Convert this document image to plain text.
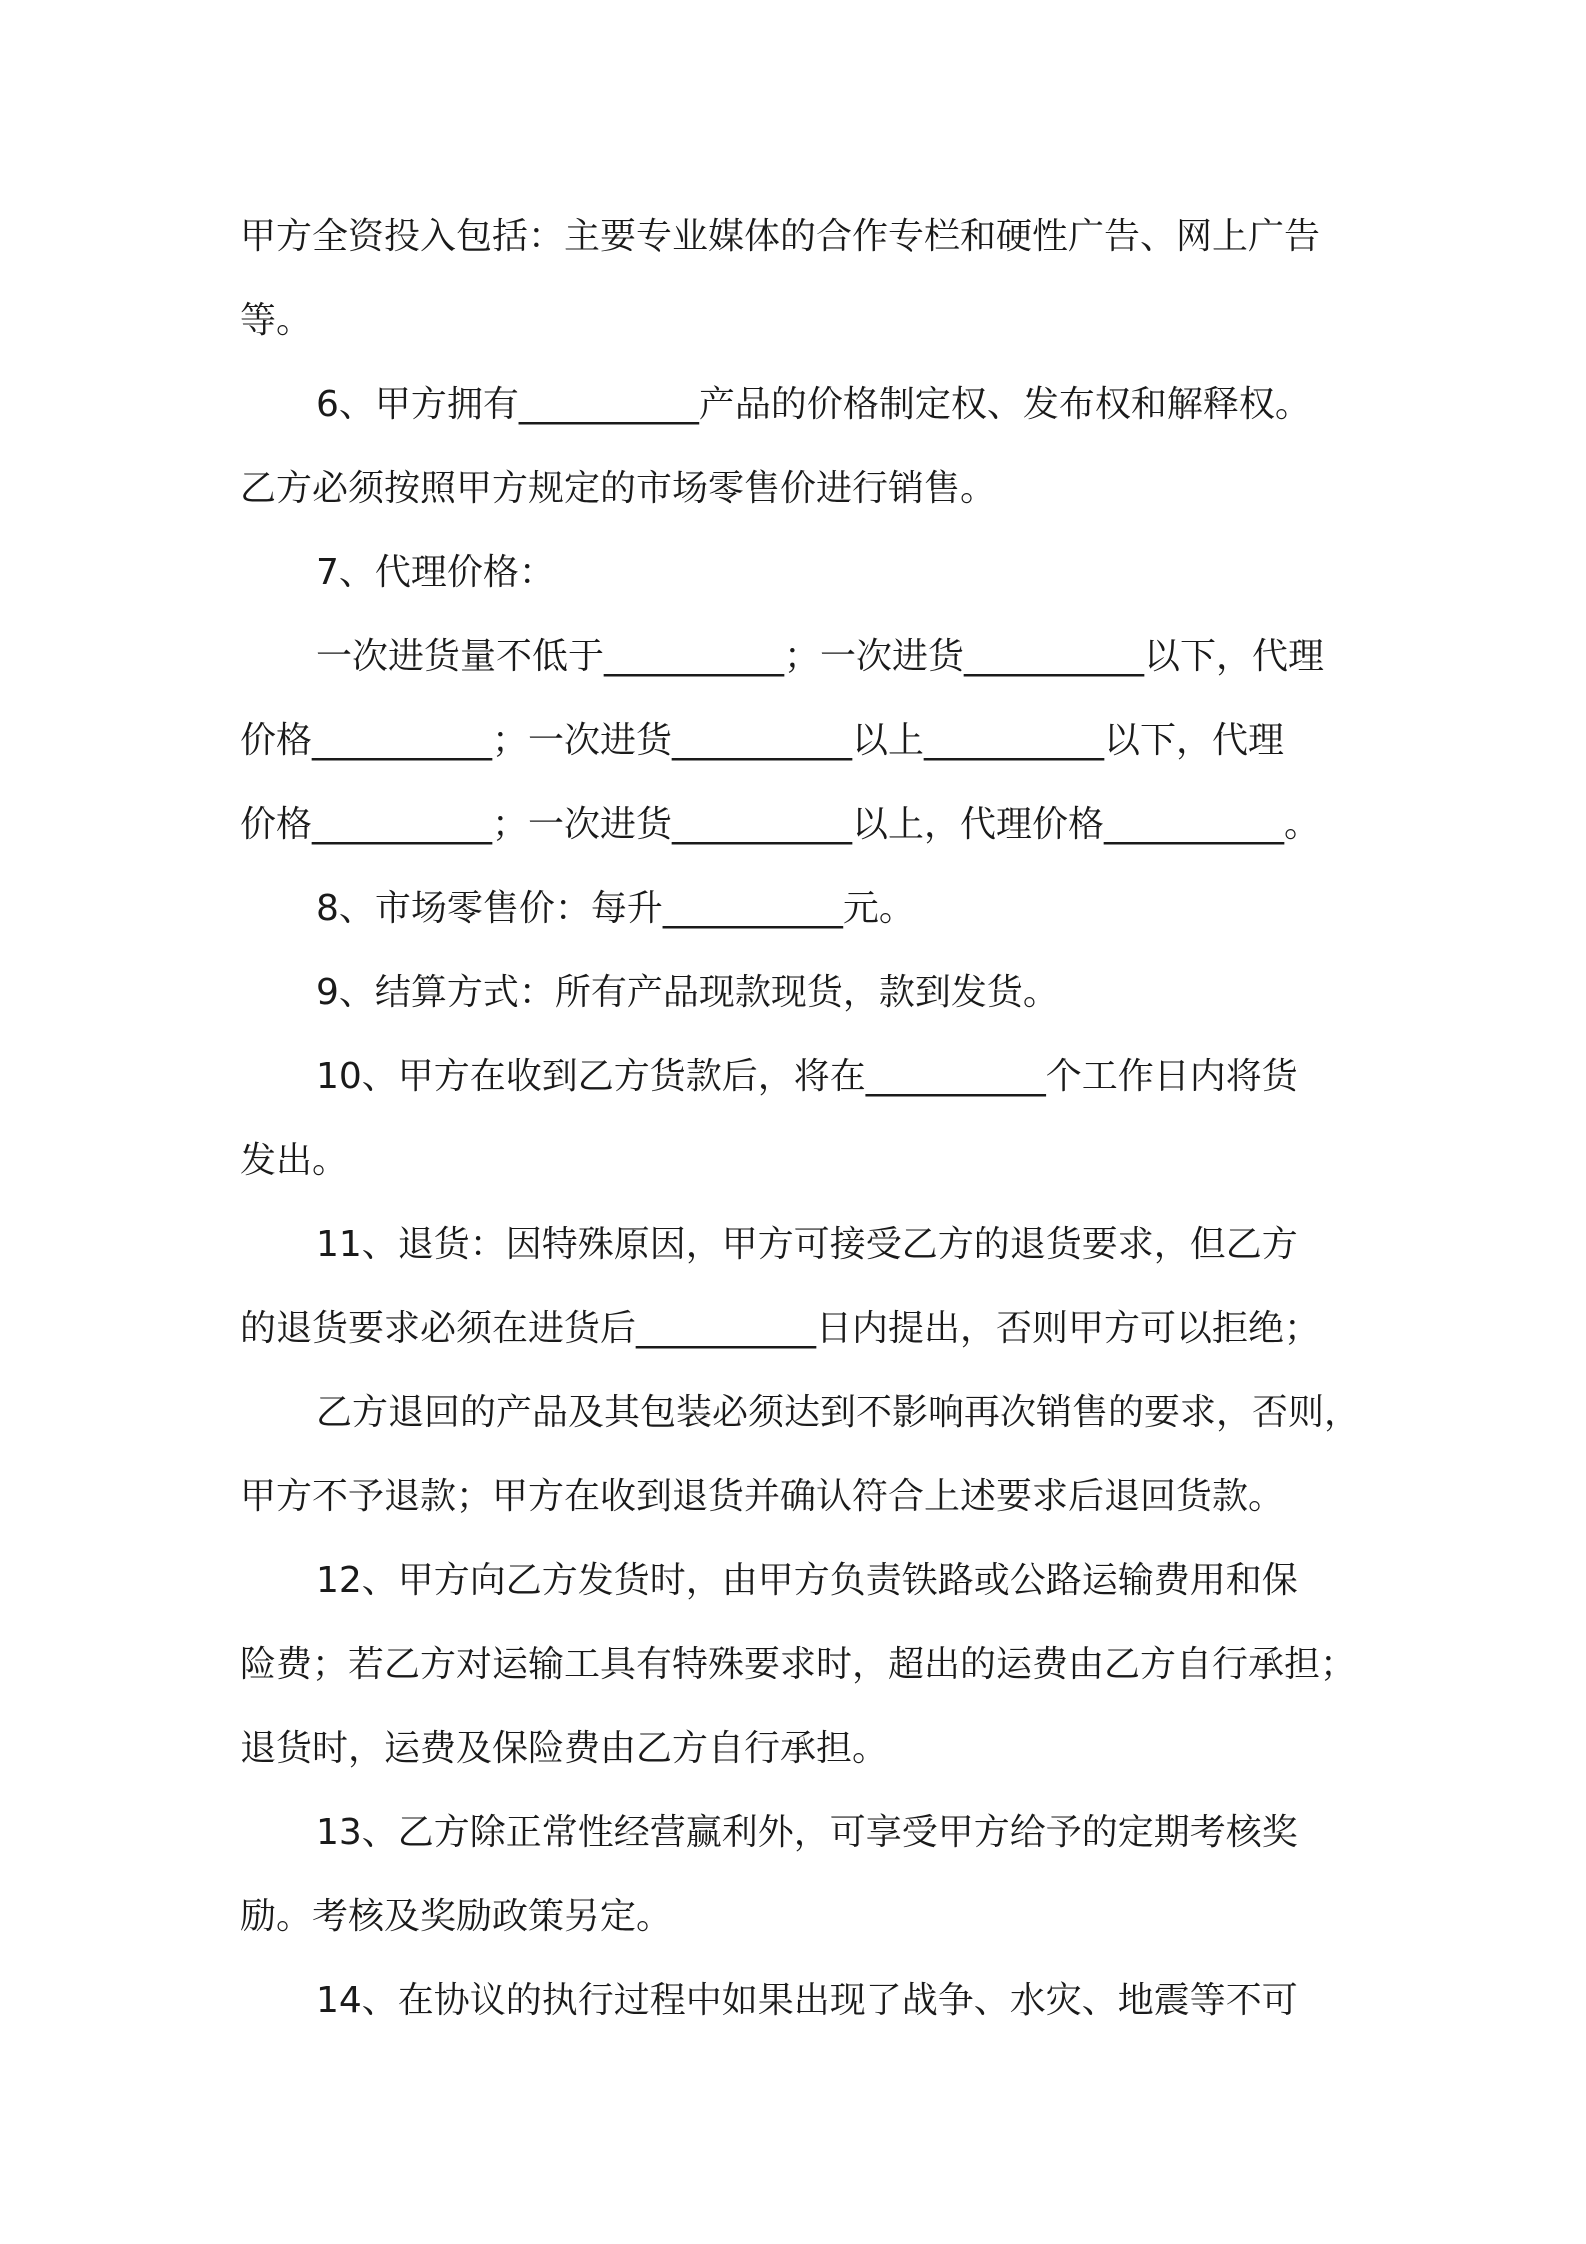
甲方全资投入包括：主要专业媒体的合作专栏和硬性广告、网上广告
等。

6、甲方拥有__________产品的价格制定权、发布权和解释权。
乙方必须按照甲方规定的市场零售价进行销售。

7、代理价格：

一次进货量不低于__________；一次进货__________以下，代理
价格__________；一次进货__________以上__________以下，代理
价格__________；一次进货__________以上，代理价格__________。

8、市场零售价：每升__________元。

9、结算方式：所有产品现款现货，款到发货。

10、甲方在收到乙方货款后，将在__________个工作日内将货
发出。

11、退货：因特殊原因，甲方可接受乙方的退货要求，但乙方
的退货要求必须在进货后__________日内提出，否则甲方可以拒绝；

乙方退回的产品及其包装必须达到不影响再次销售的要求，否则，
甲方不予退款；甲方在收到退货并确认符合上述要求后退回货款。

12、甲方向乙方发货时，由甲方负责铁路或公路运输费用和保
险费；若乙方对运输工具有特殊要求时，超出的运费由乙方自行承担；
退货时，运费及保险费由乙方自行承担。

13、乙方除正常性经营赢利外，可享受甲方给予的定期考核奖
励。考核及奖励政策另定。

14、在协议的执行过程中如果出现了战争、水灾、地震等不可
